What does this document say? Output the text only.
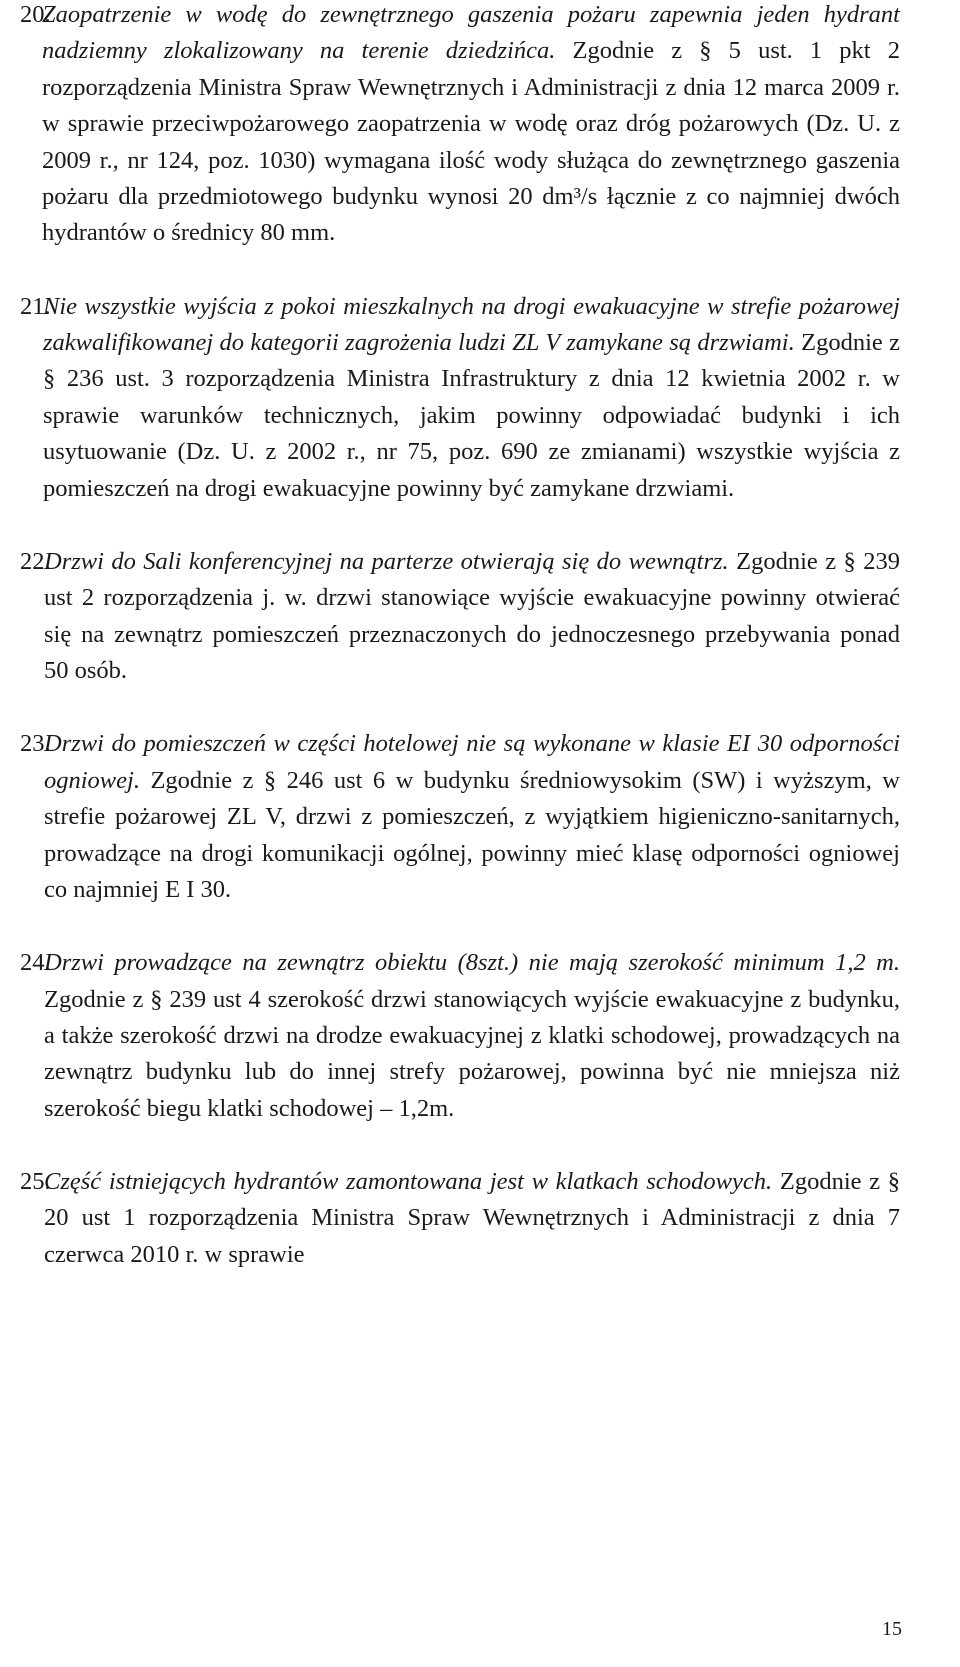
20.
Zaopatrzenie w wodę do zewnętrznego gaszenia pożaru zapewnia jeden hydrant nadziemny zlokalizowany na terenie dziedzińca. Zgodnie z § 5 ust. 1 pkt 2 rozporządzenia Ministra Spraw Wewnętrznych i Administracji z dnia 12 marca 2009 r. w sprawie przeciwpożarowego zaopatrzenia w wodę oraz dróg pożarowych (Dz. U. z 2009 r., nr 124, poz. 1030) wymagana ilość wody służąca do zewnętrznego gaszenia pożaru dla przedmiotowego budynku wynosi 20 dm³/s łącznie z co najmniej dwóch hydrantów o średnicy 80 mm.
21.
Nie wszystkie wyjścia z pokoi mieszkalnych na drogi ewakuacyjne w strefie pożarowej zakwalifikowanej do kategorii zagrożenia ludzi ZL V zamykane są drzwiami. Zgodnie z § 236 ust. 3 rozporządzenia Ministra Infrastruktury z dnia 12 kwietnia 2002 r. w sprawie warunków technicznych, jakim powinny odpowiadać budynki i ich usytuowanie (Dz. U. z 2002 r., nr 75, poz. 690 ze zmianami) wszystkie wyjścia z pomieszczeń na drogi ewakuacyjne powinny być zamykane drzwiami.
22.
Drzwi do Sali konferencyjnej na parterze otwierają się do wewnątrz. Zgodnie z § 239 ust 2 rozporządzenia j. w. drzwi stanowiące wyjście ewakuacyjne powinny otwierać się na zewnątrz pomieszczeń przeznaczonych do jednoczesnego przebywania ponad 50 osób.
23.
Drzwi do pomieszczeń w części hotelowej nie są wykonane w klasie EI 30 odporności ogniowej. Zgodnie z § 246 ust 6 w budynku średniowysokim (SW) i wyższym, w strefie pożarowej ZL V, drzwi z pomieszczeń, z wyjątkiem higieniczno-sanitarnych, prowadzące na drogi komunikacji ogólnej, powinny mieć klasę odporności ogniowej co najmniej E I 30.
24.
Drzwi prowadzące na zewnątrz obiektu (8szt.) nie mają szerokość minimum 1,2 m. Zgodnie z § 239 ust 4 szerokość drzwi stanowiących wyjście ewakuacyjne z budynku, a także szerokość drzwi na drodze ewakuacyjnej z klatki schodowej, prowadzących na zewnątrz budynku lub do innej strefy pożarowej, powinna być nie mniejsza niż szerokość biegu klatki schodowej – 1,2m.
25.
Część istniejących hydrantów zamontowana jest w klatkach schodowych. Zgodnie z § 20 ust 1 rozporządzenia Ministra Spraw Wewnętrznych i Administracji z dnia 7 czerwca 2010 r. w sprawie
15
